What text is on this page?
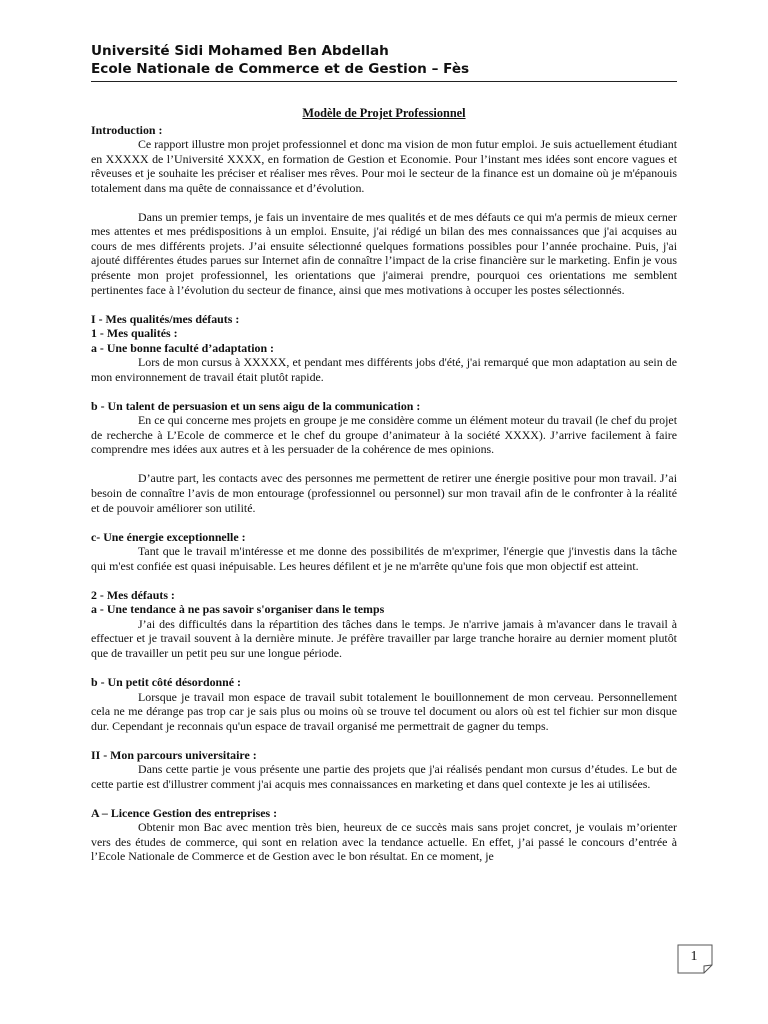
Université Sidi Mohamed Ben Abdellah
Ecole Nationale de Commerce et de Gestion – Fès
Modèle de Projet Professionnel
Introduction :

Ce rapport illustre mon projet professionnel et donc ma vision de mon futur emploi. Je suis actuellement étudiant en XXXXX de l’Université XXXX, en formation de Gestion et Economie. Pour l’instant mes idées sont encore vagues et rêveuses et je souhaite les préciser et réaliser mes rêves. Pour moi le secteur de la finance est un domaine où je m'épanouis totalement dans ma quête de connaissance et d’évolution.

Dans un premier temps, je fais un inventaire de mes qualités et de mes défauts ce qui m'a permis de mieux cerner mes attentes et mes prédispositions à un emploi. Ensuite, j'ai rédigé un bilan des mes connaissances que j'ai acquises au cours de mes différents projets. J’ai ensuite sélectionné quelques formations possibles pour l’année prochaine. Puis, j'ai ajouté différentes études parues sur Internet afin de connaître l’impact de la crise financière sur le marketing. Enfin je vous présente mon projet professionnel, les orientations que j'aimerai prendre, pourquoi ces orientations me semblent pertinentes face à l’évolution du secteur de finance, ainsi que mes motivations à occuper les postes sélectionnés.

I - Mes qualités/mes défauts :
1 - Mes qualités :
a - Une bonne faculté d’adaptation :

Lors de mon cursus à XXXXX, et pendant mes différents jobs d'été, j'ai remarqué que mon adaptation au sein de mon environnement de travail était plutôt rapide.

b - Un talent de persuasion et un sens aigu de la communication :

En ce qui concerne mes projets en groupe je me considère comme un élément moteur du travail (le chef du projet de recherche à L’Ecole de commerce et le chef du groupe d’animateur à la société XXXX). J’arrive facilement à faire comprendre mes idées aux autres et à les persuader de la cohérence de mes opinions.

D’autre part, les contacts avec des personnes me permettent de retirer une énergie positive pour mon travail. J’ai besoin de connaître l’avis de mon entourage (professionnel ou personnel) sur mon travail afin de le confronter à la réalité et de pouvoir améliorer son utilité.

c- Une énergie exceptionnelle :

Tant que le travail m'intéresse et me donne des possibilités de m'exprimer, l'énergie que j'investis dans la tâche qui m'est confiée est quasi inépuisable. Les heures défilent et je ne m'arrête qu'une fois que mon objectif est atteint.

2 - Mes défauts :
a - Une tendance à ne pas savoir s'organiser dans le temps

J’ai des difficultés dans la répartition des tâches dans le temps. Je n'arrive jamais à m'avancer dans le travail à effectuer et je travail souvent à la dernière minute. Je préfère travailler par large tranche horaire au dernier moment plutôt que de travailler un petit peu sur une longue période.

b - Un petit côté désordonné :

Lorsque je travail mon espace de travail subit totalement le bouillonnement de mon cerveau. Personnellement cela ne me dérange pas trop car je sais plus ou moins où se trouve tel document ou alors où est tel fichier sur mon disque dur. Cependant je reconnais qu'un espace de travail organisé me permettrait de gagner du temps.

II - Mon parcours universitaire :

Dans cette partie je vous présente une partie des projets que j'ai réalisés pendant mon cursus d’études. Le but de cette partie est d'illustrer comment j'ai acquis mes connaissances en marketing et dans quel contexte je les ai utilisées.

A – Licence Gestion des entreprises :

Obtenir mon Bac avec mention très bien, heureux de ce succès mais sans projet concret, je voulais m’orienter vers des études de commerce, qui sont en relation avec la tendance actuelle. En effet, j’ai passé le concours d’entrée à l’Ecole Nationale de Commerce et de Gestion avec le bon résultat. En ce moment, je

1
